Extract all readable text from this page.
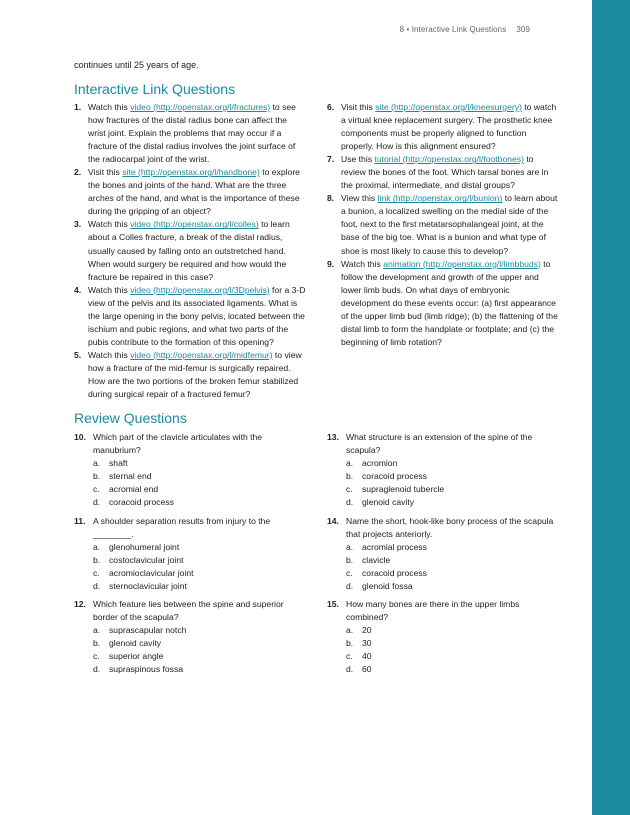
8 • Interactive Link Questions 309

continues until 25 years of age.

Interactive Link Questions
1. Watch this video (http://openstax.org/l/fractures) to see how fractures of the distal radius bone can affect the wrist joint. Explain the problems that may occur if a fracture of the distal radius involves the joint surface of the radiocarpal joint of the wrist.
2. Visit this site (http://openstax.org/l/handbone) to explore the bones and joints of the hand. What are the three arches of the hand, and what is the importance of these during the gripping of an object?
3. Watch this video (http://openstax.org/l/colles) to learn about a Colles fracture, a break of the distal radius, usually caused by falling onto an outstretched hand. When would surgery be required and how would the fracture be repaired in this case?
4. Watch this video (http://openstax.org/l/3Dpelvis) for a 3-D view of the pelvis and its associated ligaments. What is the large opening in the bony pelvis, located between the ischium and pubic regions, and what two parts of the pubis contribute to the formation of this opening?
5. Watch this video (http://openstax.org/l/midfemur) to view how a fracture of the mid-femur is surgically repaired. How are the two portions of the broken femur stabilized during surgical repair of a fractured femur?
6. Visit this site (http://openstax.org/l/kneesurgery) to watch a virtual knee replacement surgery. The prosthetic knee components must be properly aligned to function properly. How is this alignment ensured?
7. Use this tutorial (http://openstax.org/l/footbones) to review the bones of the foot. Which tarsal bones are in the proximal, intermediate, and distal groups?
8. View this link (http://openstax.org/l/bunion) to learn about a bunion, a localized swelling on the medial side of the foot, next to the first metatarsophalangeal joint, at the base of the big toe. What is a bunion and what type of shoe is most likely to cause this to develop?
9. Watch this animation (http://openstax.org/l/limbbuds) to follow the development and growth of the upper and lower limb buds. On what days of embryonic development do these events occur: (a) first appearance of the upper limb bud (limb ridge); (b) the flattening of the distal limb to form the handplate or footplate; and (c) the beginning of limb rotation?
Review Questions
10. Which part of the clavicle articulates with the manubrium?
a.	shaft
b.	sternal end
c.	acromial end
d.	coracoid process
11. A shoulder separation results from injury to the ________.
a.	glenohumeral joint
b.	costoclavicular joint
c.	acromioclavicular joint
d.	sternoclavicular joint
12. Which feature lies between the spine and superior border of the scapula?
a.	suprascapular notch
b.	glenoid cavity
c.	superior angle
d.	supraspinous fossa
13. What structure is an extension of the spine of the scapula?
a.	acromion
b.	coracoid process
c.	supraglenoid tubercle
d.	glenoid cavity
14. Name the short, hook-like bony process of the scapula that projects anteriorly.
a.	acromial process
b.	clavicle
c.	coracoid process
d.	glenoid fossa
15. How many bones are there in the upper limbs combined?
a.	20
b.	30
c.	40
d.	60
